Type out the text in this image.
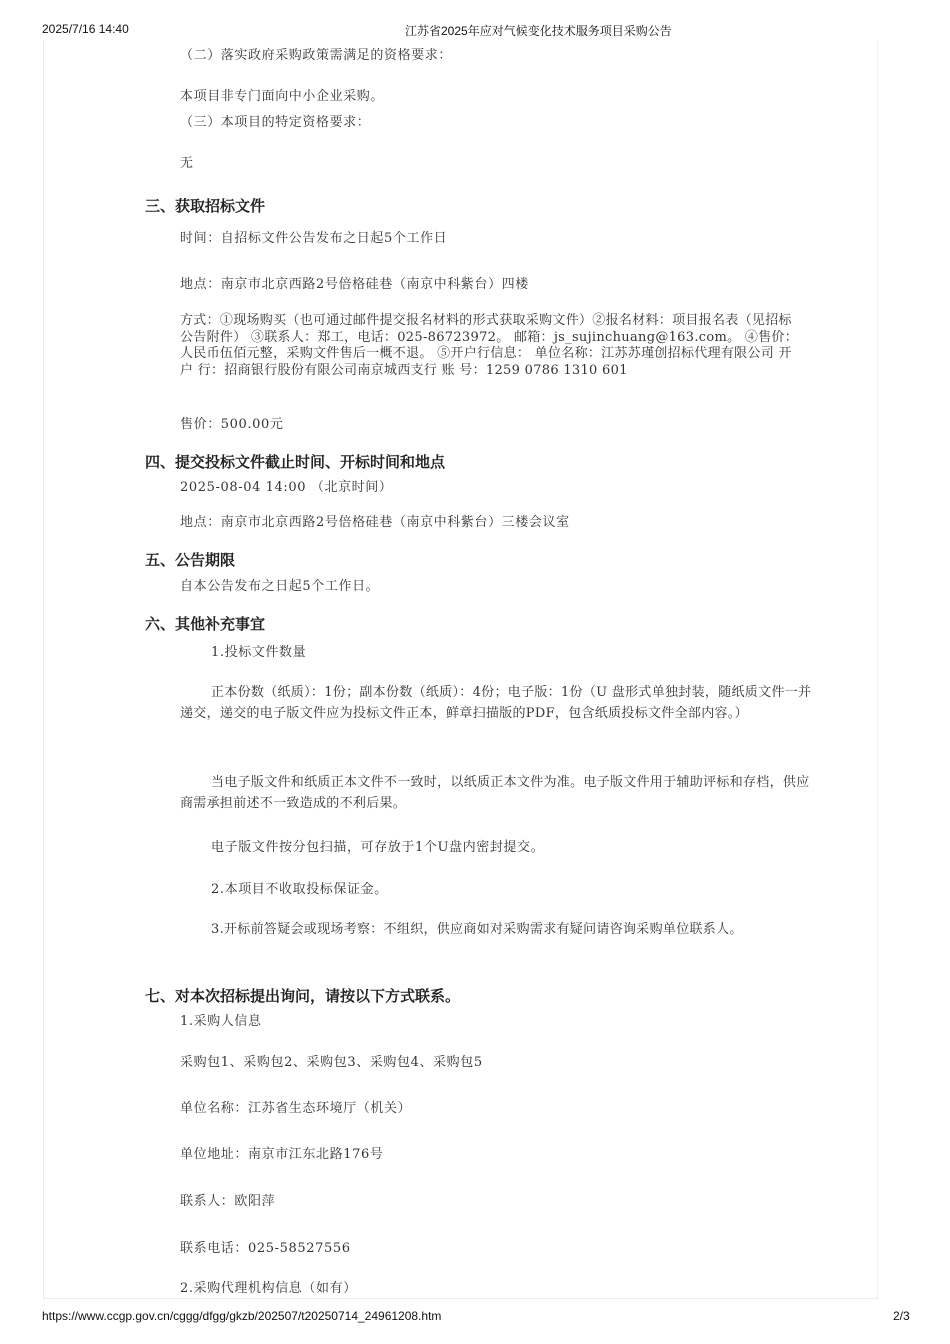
2025/7/16 14:40	江苏省2025年应对气候变化技术服务项目采购公告
（二）落实政府采购政策需满足的资格要求：
本项目非专门面向中小企业采购。
（三）本项目的特定资格要求：
无
三、获取招标文件
时间：自招标文件公告发布之日起5个工作日
地点：南京市北京西路2号倍格硅巷（南京中科紫台）四楼
方式：①现场购买（也可通过邮件提交报名材料的形式获取采购文件）②报名材料：项目报名表（见招标公告附件） ③联系人：郑工，电话：025-86723972。 邮箱：js_sujinchuang@163.com。 ④售价：人民币伍佰元整，采购文件售后一概不退。 ⑤开户行信息： 单位名称：江苏苏瑾创招标代理有限公司 开 户 行：招商银行股份有限公司南京城西支行 账 号：1259 0786 1310 601
售价：500.00元
四、提交投标文件截止时间、开标时间和地点
2025-08-04 14:00 （北京时间）
地点：南京市北京西路2号倍格硅巷（南京中科紫台）三楼会议室
五、公告期限
自本公告发布之日起5个工作日。
六、其他补充事宜
1.投标文件数量
正本份数（纸质）：1份；副本份数（纸质）：4份；电子版：1份（U 盘形式单独封装，随纸质文件一并递交，递交的电子版文件应为投标文件正本，鲜章扫描版的PDF，包含纸质投标文件全部内容。）
当电子版文件和纸质正本文件不一致时，以纸质正本文件为准。电子版文件用于辅助评标和存档，供应商需承担前述不一致造成的不利后果。
电子版文件按分包扫描，可存放于1个U盘内密封提交。
2.本项目不收取投标保证金。
3.开标前答疑会或现场考察：不组织，供应商如对采购需求有疑问请咨询采购单位联系人。
七、对本次招标提出询问，请按以下方式联系。
1.采购人信息
采购包1、采购包2、采购包3、采购包4、采购包5
单位名称：江苏省生态环境厅（机关）
单位地址：南京市江东北路176号
联系人：欧阳萍
联系电话：025-58527556
2.采购代理机构信息（如有）
https://www.ccgp.gov.cn/cggg/dfgg/gkzb/202507/t20250714_24961208.htm	2/3
